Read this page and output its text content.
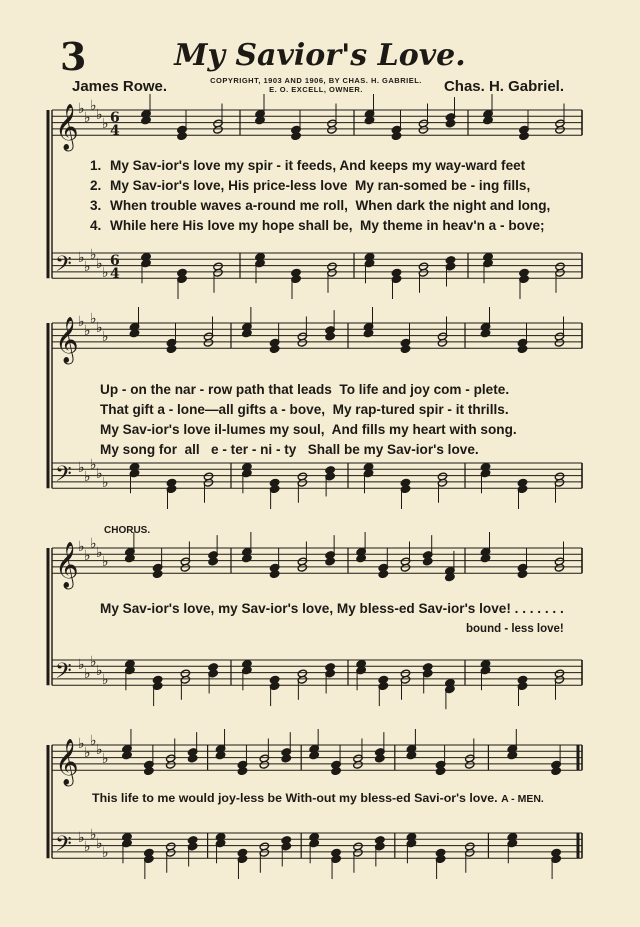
3	My Savior's Love.
James Rowe.	COPYRIGHT, 1903 AND 1906, BY CHAS. H. GABRIEL.
E. O. EXCELL, OWNER.	Chas. H. Gabriel.
𝄞
𝄢
♭
♭
♭
♭
♭
♭
♭
♭
♭
♭
6
4
6
4
𝄞
𝄢
♭
♭
♭
♭
♭
♭
♭
♭
♭
♭
𝄞
𝄢
♭
♭
♭
♭
♭
♭
♭
♭
♭
♭
𝄞
𝄢
♭
♭
♭
♭
♭
♭
♭
♭
♭
♭
1. My Sav-ior's love my spir - it feeds, And keeps my way-ward feet
2. My Sav-ior's love, His price-less love  My ran-somed be - ing fills,
3. When trouble waves a-round me roll,  When dark the night and long,
4. While here His love my hope shall be,  My theme in heav'n a - bove;
Up - on the nar - row path that leads  To life and joy com - plete.
That gift a - lone—all gifts a - bove,  My rap-tured spir - it thrills.
My Sav-ior's love il-lumes my soul,  And fills my heart with song.
My song for  all   e - ter - ni - ty   Shall be my Sav-ior's love.
CHORUS.
My Sav-ior's love, my Sav-ior's love, My bless-ed Sav-ior's love! . . . . . . .
bound - less love!
This life to me would joy-less be With-out my bless-ed Savi-or's love. A - MEN.
